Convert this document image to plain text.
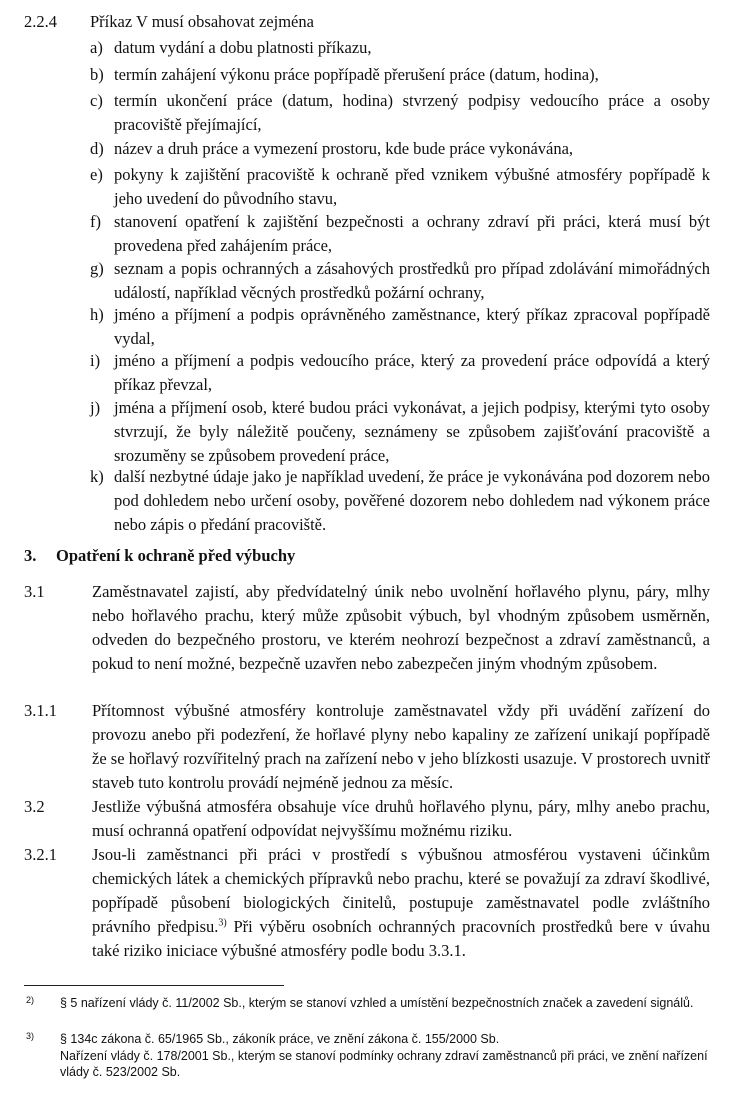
2.2.4 Příkaz V musí obsahovat zejména
a) datum vydání a dobu platnosti příkazu,
b) termín zahájení výkonu práce popřípadě přerušení práce (datum, hodina),
c) termín ukončení práce (datum, hodina) stvrzený podpisy vedoucího práce a osoby pracoviště přejímající,
d) název a druh práce a vymezení prostoru, kde bude práce vykonávána,
e) pokyny k zajištění pracoviště k ochraně před vznikem výbušné atmosféry popřípadě k jeho uvedení do původního stavu,
f) stanovení opatření k zajištění bezpečnosti a ochrany zdraví při práci, která musí být provedena před zahájením práce,
g) seznam a popis ochranných a zásahových prostředků pro případ zdolávání mimořádných událostí, například věcných prostředků požární ochrany,
h) jméno a příjmení a podpis oprávněného zaměstnance, který příkaz zpracoval popřípadě vydal,
i) jméno a příjmení a podpis vedoucího práce, který za provedení práce odpovídá a který příkaz převzal,
j) jména a příjmení osob, které budou práci vykonávat, a jejich podpisy, kterými tyto osoby stvrzují, že byly náležitě poučeny, seznámeny se způsobem zajišťování pracoviště a srozuměny se způsobem provedení práce,
k) další nezbytné údaje jako je například uvedení, že práce je vykonávána pod dozorem nebo pod dohledem nebo určení osoby, pověřené dozorem nebo dohledem nad výkonem práce nebo zápis o předání pracoviště.
3. Opatření k ochraně před výbuchy
3.1	Zaměstnavatel zajistí, aby předvídatelný únik nebo uvolnění hořlavého plynu, páry, mlhy nebo hořlavého prachu, který může způsobit výbuch, byl vhodným způsobem usměrněn, odveden do bezpečného prostoru, ve kterém neohrozí bezpečnost a zdraví zaměstnanců, a pokud to není možné, bezpečně uzavřen nebo zabezpečen jiným vhodným způsobem.
3.1.1 Přítomnost výbušné atmosféry kontroluje zaměstnavatel vždy při uvádění zařízení do provozu anebo při podezření, že hořlavé plyny nebo kapaliny ze zařízení unikají popřípadě že se hořlavý rozvířitelný prach na zařízení nebo v jeho blízkosti usazuje. V prostorech uvnitř staveb tuto kontrolu provádí nejméně jednou za měsíc.
3.2	Jestliže výbušná atmosféra obsahuje více druhů hořlavého plynu, páry, mlhy anebo prachu, musí ochranná opatření odpovídat nejvyššímu možnému riziku.
3.2.1 Jsou-li zaměstnanci při práci v prostředí s výbušnou atmosférou vystaveni účinkům chemických látek a chemických přípravků nebo prachu, které se považují za zdraví škodlivé, popřípadě působení biologických činitelů, postupuje zaměstnavatel podle zvláštního právního předpisu.$^{3)}$ Při výběru osobních ochranných pracovních prostředků bere v úvahu také riziko iniciace výbušné atmosféry podle bodu 3.3.1.
2) § 5 nařízení vlády č. 11/2002 Sb., kterým se stanoví vzhled a umístění bezpečnostních značek a zavedení signálů.
3) § 134c zákona č. 65/1965 Sb., zákoník práce, ve znění zákona č. 155/2000 Sb.
Nařízení vlády č. 178/2001 Sb., kterým se stanoví podmínky ochrany zdraví zaměstnanců při práci, ve znění nařízení vlády č. 523/2002 Sb.
